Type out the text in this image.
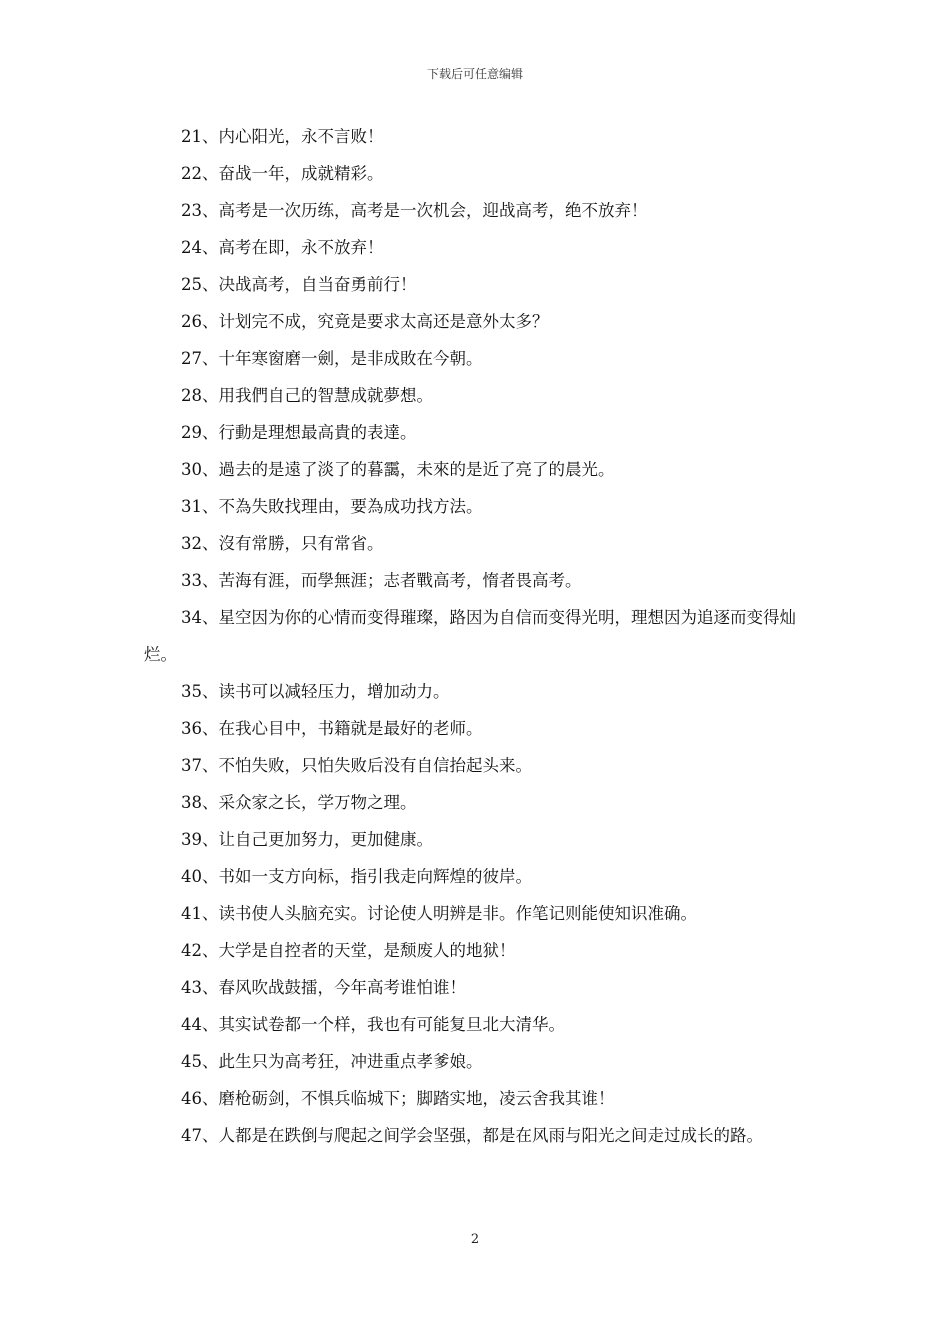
下载后可任意编辑

21、内心阳光，永不言败！

22、奋战一年，成就精彩。

23、高考是一次历练，高考是一次机会，迎战高考，绝不放弃！

24、高考在即，永不放弃！

25、决战高考，自当奋勇前行！

26、计划完不成，究竟是要求太高还是意外太多？

27、十年寒窗磨一劍，是非成敗在今朝。

28、用我們自己的智慧成就夢想。

29、行動是理想最高貴的表達。

30、過去的是遠了淡了的暮靄，未來的是近了亮了的晨光。

31、不為失敗找理由，要為成功找方法。

32、沒有常勝，只有常省。

33、苦海有涯，而學無涯；志者戰高考，惰者畏高考。

34、星空因为你的心情而变得璀璨，路因为自信而变得光明，理想因为追逐而变得灿烂。

35、读书可以减轻压力，增加动力。

36、在我心目中，书籍就是最好的老师。

37、不怕失败，只怕失败后没有自信抬起头来。

38、采众家之长，学万物之理。

39、让自己更加努力，更加健康。

40、书如一支方向标，指引我走向辉煌的彼岸。

41、读书使人头脑充实。讨论使人明辨是非。作笔记则能使知识准确。

42、大学是自控者的天堂，是颓废人的地狱！

43、春风吹战鼓擂，今年高考谁怕谁！

44、其实试卷都一个样，我也有可能复旦北大清华。

45、此生只为高考狂，冲进重点孝爹娘。

46、磨枪砺剑，不惧兵临城下；脚踏实地，凌云舍我其谁！

47、人都是在跌倒与爬起之间学会坚强，都是在风雨与阳光之间走过成长的路。

2
